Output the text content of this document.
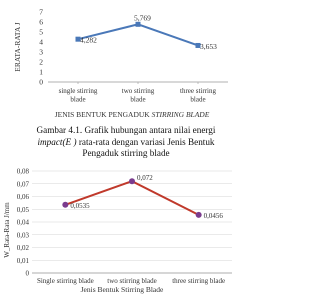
0
1
2
3
4
5
6
7
single stirring blade
two stirring blade
three stirring blade
4,282
5,769
3,653
ERATA-RATA J
JENIS BENTUK PENGADUK STIRRING BLADE
Gambar 4.1. Grafik hubungan antara nilai energi
impact(E ) rata-rata dengan variasi Jenis Bentuk
Pengaduk stirring blade
0
0,01
0,02
0,03
0,04
0,05
0,06
0,07
0,08
Single stirring blade two stirring blade three stirring blade
0,0535
0,072
0,0456
W_Rata-Rata J/mm
Jenis Bentuk Stirring Blade
